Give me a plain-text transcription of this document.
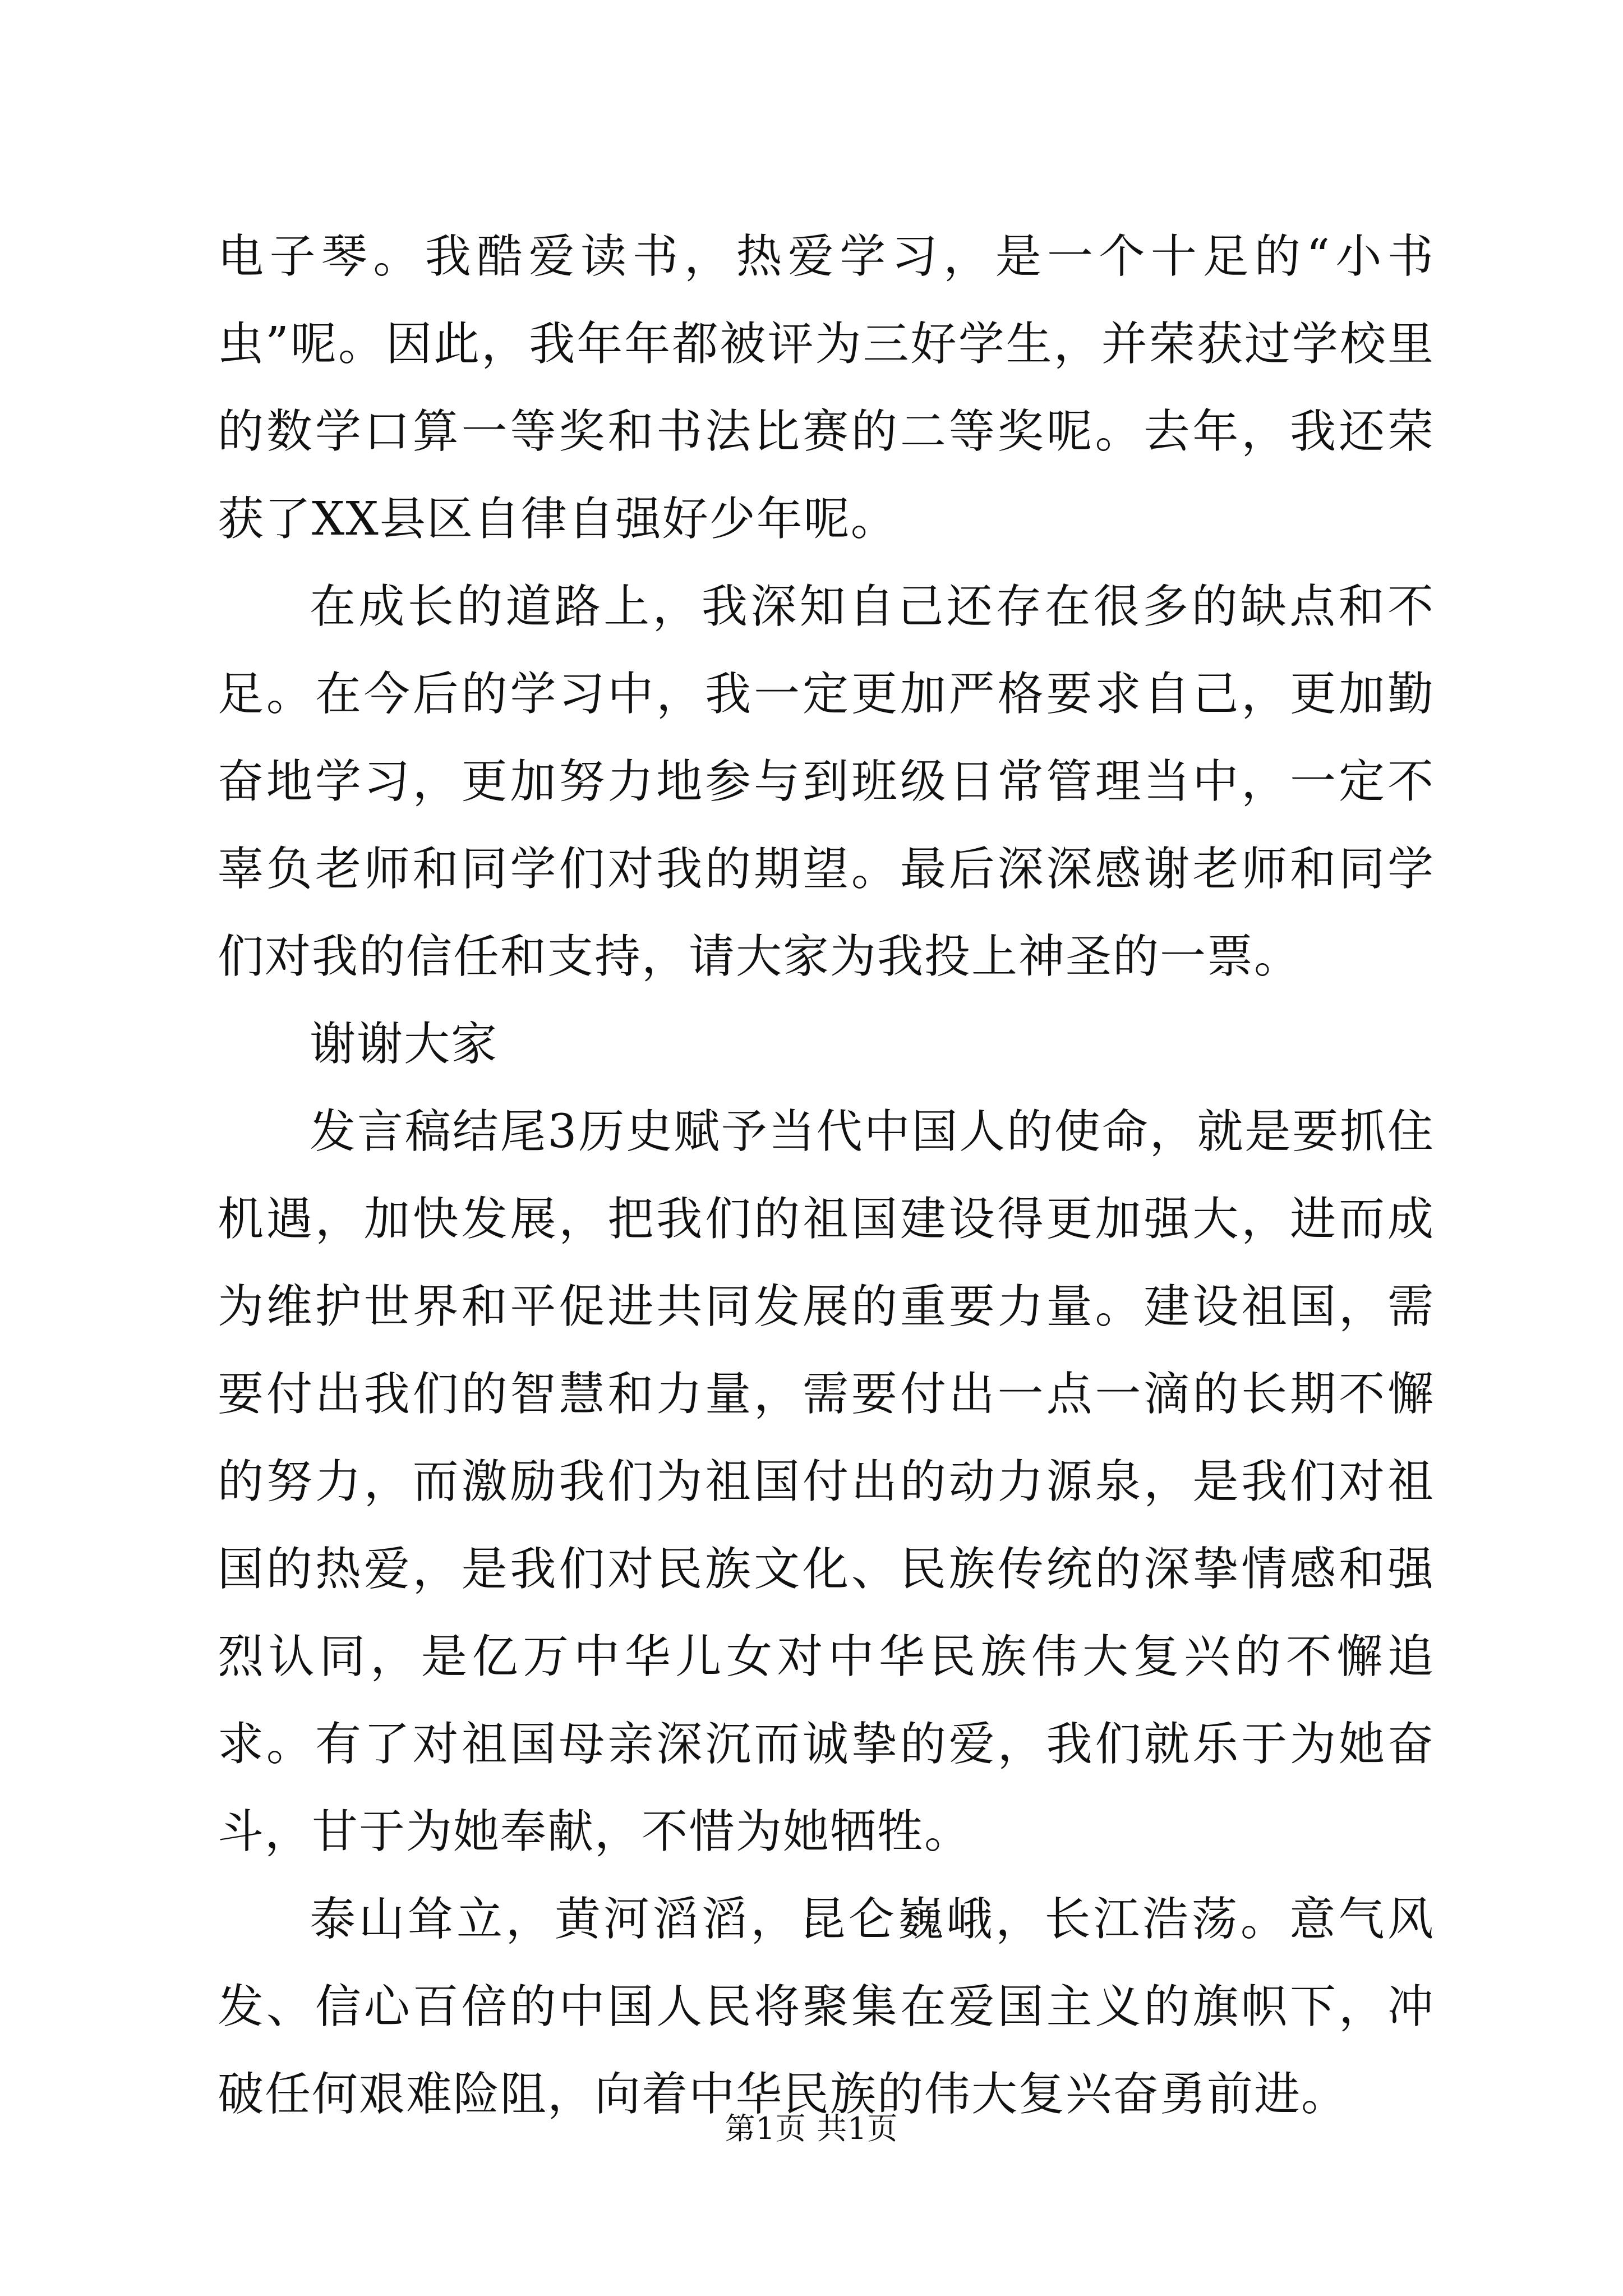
电子琴。我酷爱读书，热爱学习，是一个十足的“小书虫”呢。因此，我年年都被评为三好学生，并荣获过学校里的数学口算一等奖和书法比赛的二等奖呢。去年，我还荣获了XX县区自律自强好少年呢。

在成长的道路上，我深知自己还存在很多的缺点和不足。在今后的学习中，我一定更加严格要求自己，更加勤奋地学习，更加努力地参与到班级日常管理当中，一定不辜负老师和同学们对我的期望。最后深深感谢老师和同学们对我的信任和支持，请大家为我投上神圣的一票。

谢谢大家

发言稿结尾3历史赋予当代中国人的使命，就是要抓住机遇，加快发展，把我们的祖国建设得更加强大，进而成为维护世界和平促进共同发展的重要力量。建设祖国，需要付出我们的智慧和力量，需要付出一点一滴的长期不懈的努力，而激励我们为祖国付出的动力源泉，是我们对祖国的热爱，是我们对民族文化、民族传统的深挚情感和强烈认同，是亿万中华儿女对中华民族伟大复兴的不懈追求。有了对祖国母亲深沉而诚挚的爱，我们就乐于为她奋斗，甘于为她奉献，不惜为她牺牲。

泰山耸立，黄河滔滔，昆仑巍峨，长江浩荡。意气风发、信心百倍的中国人民将聚集在爱国主义的旗帜下，冲破任何艰难险阻，向着中华民族的伟大复兴奋勇前进。

第1页 共1页
